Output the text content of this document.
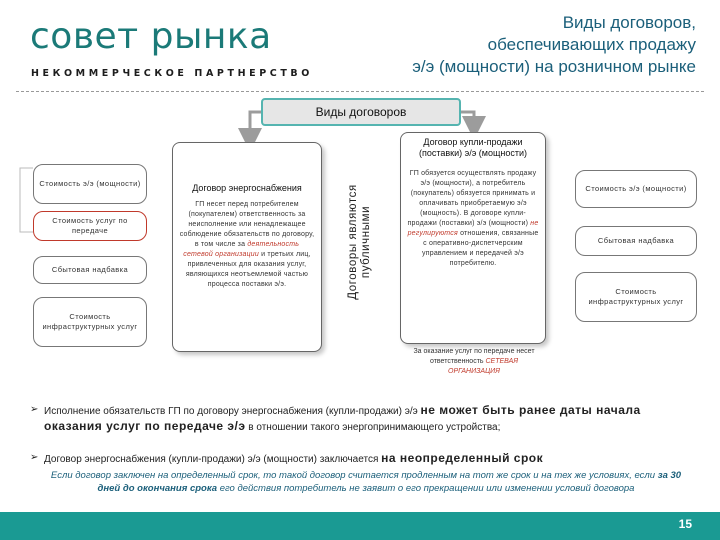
совет рынка
НЕКОММЕРЧЕСКОЕ ПАРТНЕРСТВО
Виды договоров,
обеспечивающих продажу
э/э (мощности) на розничном рынке
Виды договоров
Стоимость э/э (мощности)
Стоимость услуг по передаче
Сбытовая надбавка
Стоимость инфраструктурных услуг
Договор энергоснабжения
ГП несет перед потребителем (покупателем) ответственность за неисполнение или ненадлежащее соблюдение обязательств по договору, в том числе за деятельность сетевой организации и третьих лиц, привлеченных для оказания услуг, являющихся неотъемлемой частью процесса поставки э/э.	Договоры являются публичными
Договор купли-продажи (поставки) э/э (мощности)
ГП обязуется осуществлять продажу э/э (мощности), а потребитель (покупатель) обязуется принимать и оплачивать приобретаемую э/э (мощность). В договоре купли-продажи (поставки) э/э (мощности) не регулируются отношения, связанные с оперативно-диспетчерским управлением и передачей э/э потребителю.
За оказание услуг по передаче несет ответственность СЕТЕВАЯ ОРГАНИЗАЦИЯ
Стоимость э/э (мощности)
Сбытовая надбавка
Стоимость инфраструктурных услуг
➢ Исполнение обязательств ГП по договору энергоснабжения (купли-продажи) э/э не может быть ранее даты начала оказания услуг по передаче э/э в отношении такого энергопринимающего устройства;
➢ Договор энергоснабжения (купли-продажи) э/э (мощности) заключается на неопределенный срок
Если договор заключен на определенный срок, то такой договор считается продленным на тот же срок и на тех же условиях, если за 30 дней до окончания срока его действия потребитель не заявит о его прекращении или изменении условий договора
15
